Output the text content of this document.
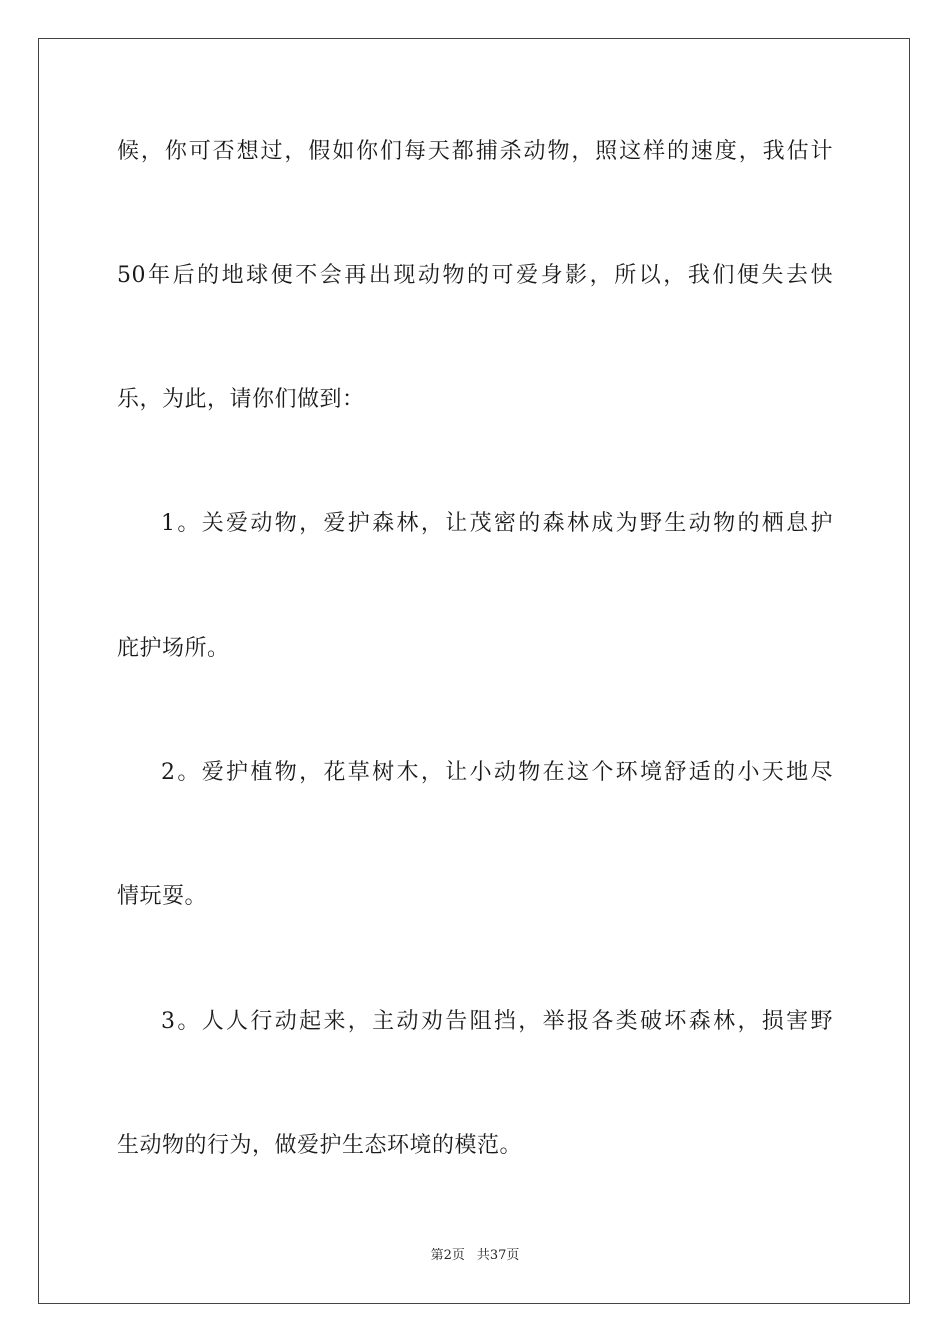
候，你可否想过，假如你们每天都捕杀动物，照这样的速度，我估计
50年后的地球便不会再出现动物的可爱身影，所以，我们便失去快
乐，为此，请你们做到：
1。关爱动物，爱护森林，让茂密的森林成为野生动物的栖息护
庇护场所。
2。爱护植物，花草树木，让小动物在这个环境舒适的小天地尽
情玩耍。
3。人人行动起来，主动劝告阻挡，举报各类破坏森林，损害野
生动物的行为，做爱护生态环境的模范。
第2页 共37页
